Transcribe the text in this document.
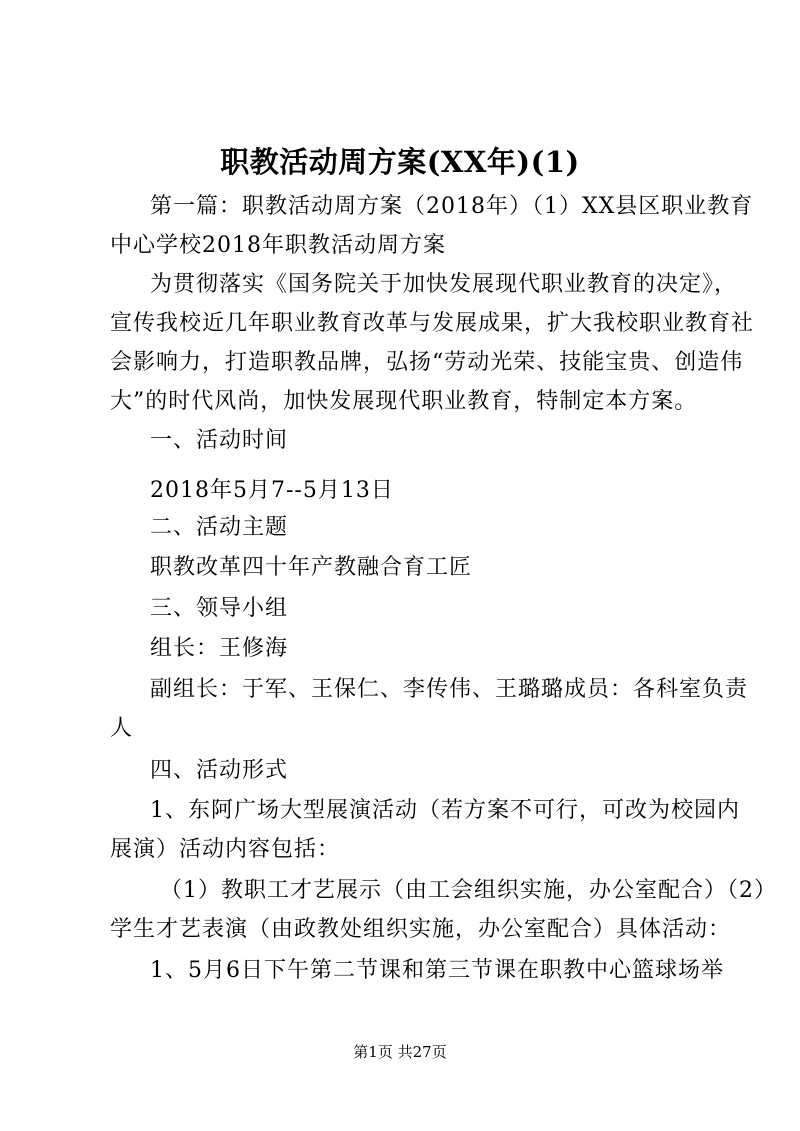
职教活动周方案(XX年)(1)
第一篇：职教活动周方案（2018年）（1）XX县区职业教育
中心学校2018年职教活动周方案
为贯彻落实《国务院关于加快发展现代职业教育的决定》，
宣传我校近几年职业教育改革与发展成果，扩大我校职业教育社
会影响力，打造职教品牌，弘扬“劳动光荣、技能宝贵、创造伟
大”的时代风尚，加快发展现代职业教育，特制定本方案。
一、活动时间
2018年5月7--5月13日
二、活动主题
职教改革四十年产教融合育工匠
三、领导小组
组长：王修海
副组长：于军、王保仁、李传伟、王璐璐成员：各科室负责
人
四、活动形式
1、东阿广场大型展演活动（若方案不可行，可改为校园内
展演）活动内容包括：
（1）教职工才艺展示（由工会组织实施，办公室配合）（2）
学生才艺表演（由政教处组织实施，办公室配合）具体活动：
1、5月6日下午第二节课和第三节课在职教中心篮球场举
第1页 共27页
